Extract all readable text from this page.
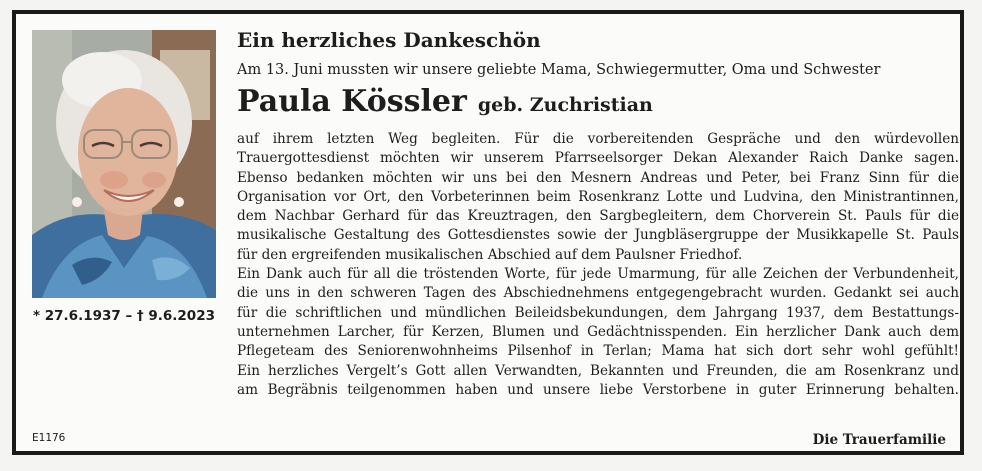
* 27.6.1937 – † 9.6.2023
E1176
Ein herzliches Dankeschön
Am 13. Juni mussten wir unsere geliebte Mama, Schwiegermutter, Oma und Schwester
Paula Kössler geb. Zuchristian
auf ihrem letzten Weg begleiten. Für die vorbereitenden Gespräche und den würdevollen
Trauergottesdienst möchten wir unserem Pfarrseelsorger Dekan Alexander Raich Danke sagen.
Ebenso bedanken möchten wir uns bei den Mesnern Andreas und Peter, bei Franz Sinn für die
Organisation vor Ort, den Vorbeterinnen beim Rosenkranz Lotte und Ludvina, den Ministrantinnen,
dem Nachbar Gerhard für das Kreuztragen, den Sargbegleitern, dem Chorverein St. Pauls für die
musikalische Gestaltung des Gottesdienstes sowie der Jungbläsergruppe der Musikkapelle St. Pauls
für den ergreifenden musikalischen Abschied auf dem Paulsner Friedhof.
Ein Dank auch für all die tröstenden Worte, für jede Umarmung, für alle Zeichen der Verbundenheit,
die uns in den schweren Tagen des Abschiednehmens entgegengebracht wurden. Gedankt sei auch
für die schriftlichen und mündlichen Beileidsbekundungen, dem Jahrgang 1937, dem Bestattungs-
unternehmen Larcher, für Kerzen, Blumen und Gedächtnisspenden. Ein herzlicher Dank auch dem
Pflegeteam des Seniorenwohnheims Pilsenhof in Terlan; Mama hat sich dort sehr wohl gefühlt!
Ein herzliches Vergelt’s Gott allen Verwandten, Bekannten und Freunden, die am Rosenkranz und
am Begräbnis teilgenommen haben und unsere liebe Verstorbene in guter Erinnerung behalten.
Die Trauerfamilie
